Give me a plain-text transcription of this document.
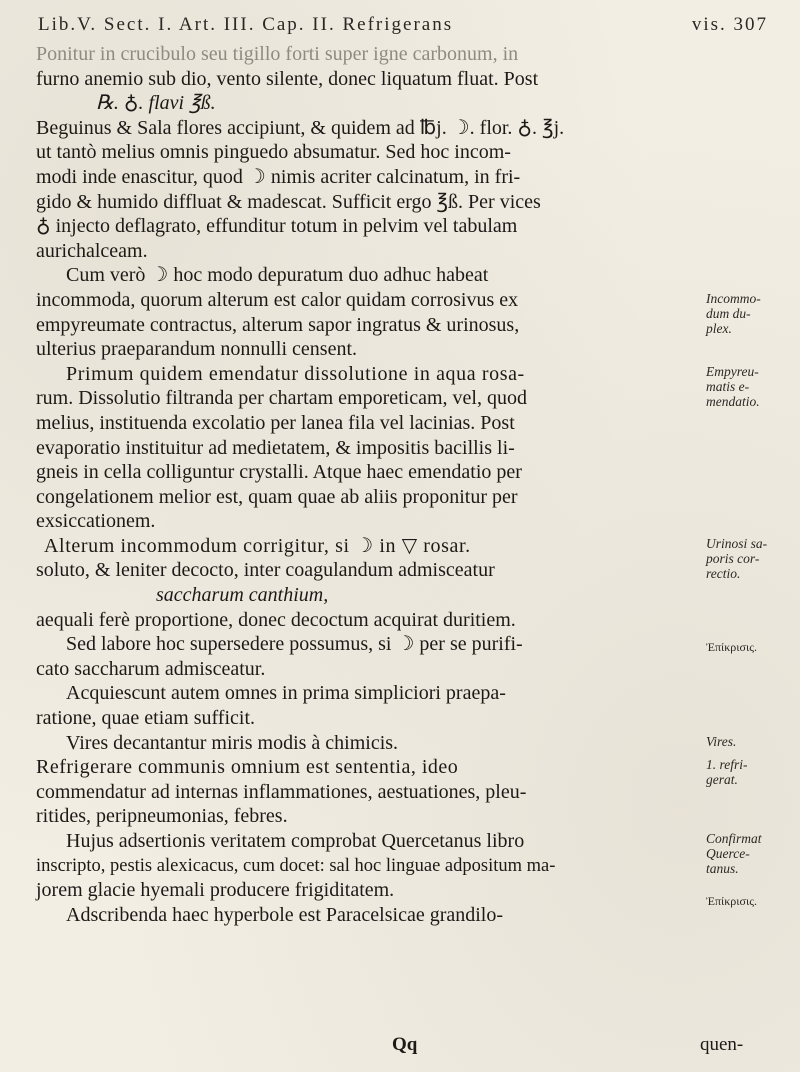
Lib.V. Sect. I. Art. III. Cap. II. Refrigerans	vis. 307
Ponitur in crucibulo seu tigillo forti super igne carbonum, in
furno anemio sub dio, vento silente, donec liquatum fluat. Post
℞. ♁. flavi ℥ß.
Beguinus & Sala flores accipiunt, & quidem ad ℔j. ☽. flor. ♁. ℥j.
ut tantò melius omnis pinguedo absumatur. Sed hoc incom-
modi inde enascitur, quod ☽ nimis acriter calcinatum, in fri-
gido & humido diffluat & madescat. Sufficit ergo ℥ß. Per vices
♁ injecto deflagrato, effunditur totum in pelvim vel tabulam
aurichalceam.
Cum verò ☽ hoc modo depuratum duo adhuc habeat
incommoda, quorum alterum est calor quidam corrosivus ex
empyreumate contractus, alterum sapor ingratus & urinosus,
ulterius praeparandum nonnulli censent.
Primum quidem emendatur dissolutione in aqua rosa-
rum. Dissolutio filtranda per chartam emporeticam, vel, quod
melius, instituenda excolatio per lanea fila vel lacinias. Post
evaporatio instituitur ad medietatem, & impositis bacillis li-
gneis in cella colliguntur crystalli. Atque haec emendatio per
congelationem melior est, quam quae ab aliis proponitur per
exsiccationem.
Alterum incommodum corrigitur, si ☽ in ▽ rosar.
soluto, & leniter decocto, inter coagulandum admisceatur
saccharum canthium,
aequali ferè proportione, donec decoctum acquirat duritiem.
Sed labore hoc supersedere possumus, si ☽ per se purifi-
cato saccharum admisceatur.
Acquiescunt autem omnes in prima simpliciori praepa-
ratione, quae etiam sufficit.
Vires decantantur miris modis à chimicis.
Refrigerare communis omnium est sententia, ideo
commendatur ad internas inflammationes, aestuationes, pleu-
ritides, peripneumonias, febres.
Hujus adsertionis veritatem comprobat Quercetanus libro
inscripto, pestis alexicacus, cum docet: sal hoc linguae adpositum ma-
jorem glacie hyemali producere frigiditatem.
Adscribenda haec hyperbole est Paracelsicae grandilo-
Incommo-
dum du-
plex.
Empyreu-
matis e-
mendatio.
Urinosi sa-
poris cor-
rectio.
Ἐπίκρισις.
Vires.
1. refri-
gerat.
Confirmat
Querce-
tanus.
Ἐπίκρισις.
Qq	quen-
